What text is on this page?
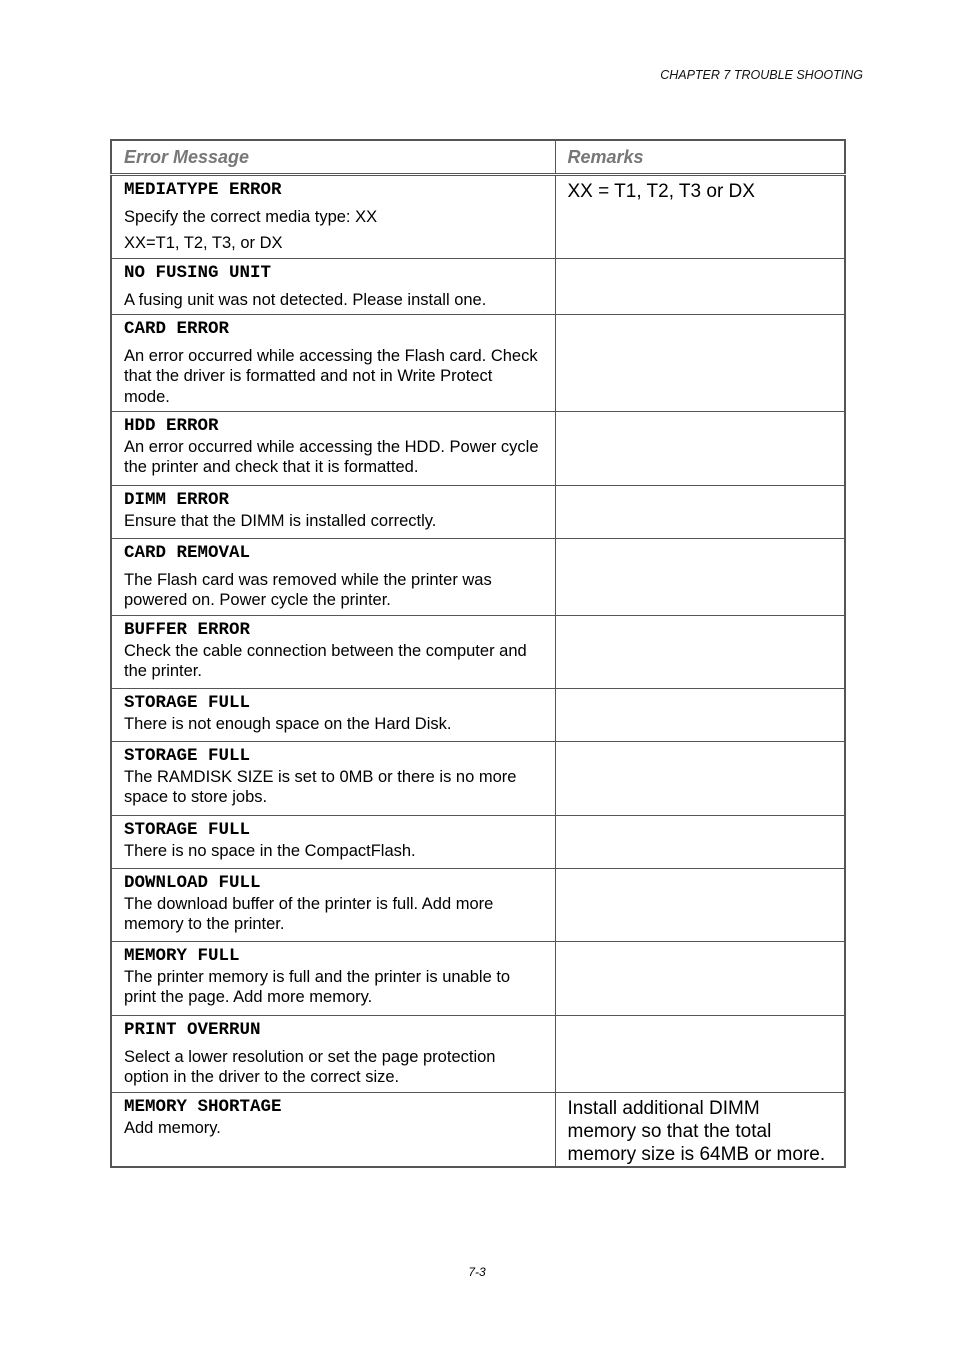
CHAPTER 7 TROUBLE SHOOTING
Error Message	Remarks

MEDIATYPE ERROR
Specify the correct media type: XX
XX=T1, T2, T3, or DX	XX = T1, T2, T3 or DX

NO FUSING UNIT
A fusing unit was not detected. Please install one.	

CARD ERROR
An error occurred while accessing the Flash card. Check that the driver is formatted and not in Write Protect mode.	

HDD ERROR
An error occurred while accessing the HDD. Power cycle the printer and check that it is formatted.	

DIMM ERROR
Ensure that the DIMM is installed correctly.	

CARD REMOVAL
The Flash card was removed while the printer was powered on. Power cycle the printer.	

BUFFER ERROR
Check the cable connection between the computer and the printer.	

STORAGE FULL
There is not enough space on the Hard Disk.	

STORAGE FULL
The RAMDISK SIZE is set to 0MB or there is no more space to store jobs.	

STORAGE FULL
There is no space in the CompactFlash.	

DOWNLOAD FULL
The download buffer of the printer is full. Add more memory to the printer.	

MEMORY FULL
The printer memory is full and the printer is unable to print the page. Add more memory.	

PRINT OVERRUN
Select a lower resolution or set the page protection option in the driver to the correct size.	

MEMORY SHORTAGE
Add memory.	Install additional DIMM memory so that the total memory size is 64MB or more.
7-3
